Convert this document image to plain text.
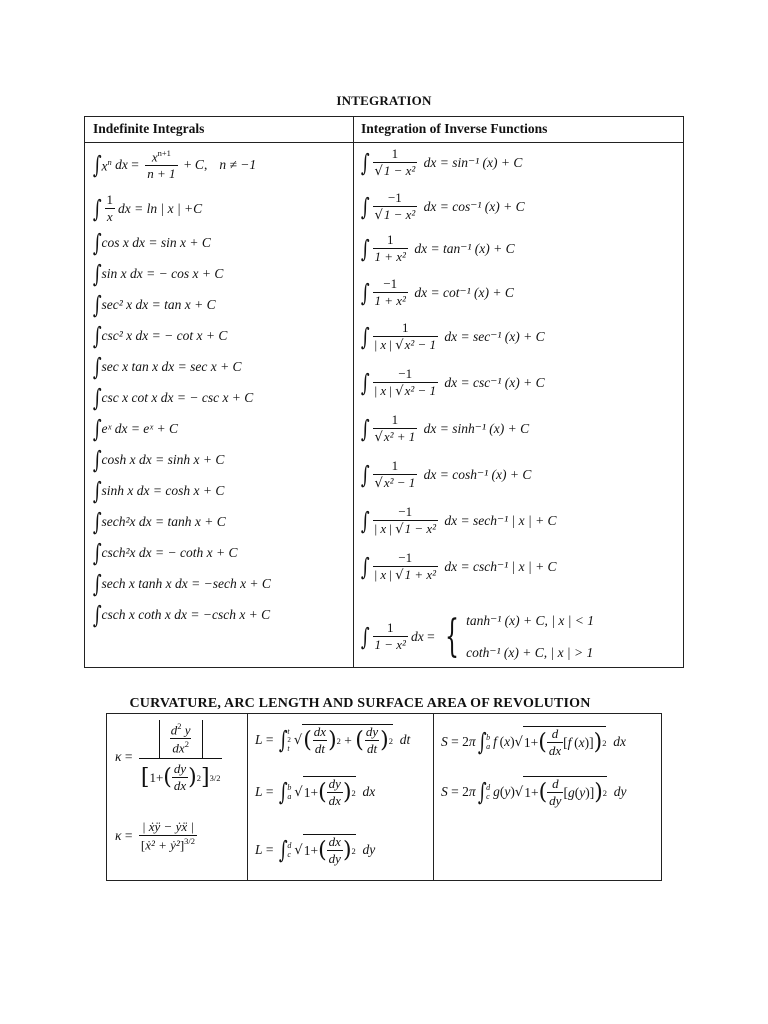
INTEGRATION
Indefinite Integrals	Integration of Inverse Functions
∫ $x^n$
dx = $\frac{x^{n+1}}{n + 1} + C$ , n ≠ −1
∫ $\frac{1}{x}$ dx = ln | x | +C
∫ cos x dx
= sin x + C
∫ sin x dx
= − cos x + C
∫ sec² x dx
= tan x + C
∫ csc² x dx
= − cot x + C
∫ sec x tan x dx
= sec x + C
∫ csc x cot x dx
= − csc x + C
∫ eˣ dx
= eˣ + C
∫ cosh x dx
= sinh x + C
∫ sinh x dx
= cosh x + C
∫ sech²x dx
= tanh x + C
∫ csch²x dx
= − coth x + C
∫ sech x tanh x dx
= −sech x + C
∫ csch x coth x dx
= −csch x + C
∫ $\frac{1}{\text{√1 − x²}}$
dx = sin⁻¹ (x) + C
∫ $\frac{-1}{\text{√1 − x²}}$
dx = cos⁻¹ (x) + C
∫ $\frac{1}{\text{1 + x²}}$
dx = tan⁻¹ (x) + C
∫ $\frac{-1}{\text{1 + x²}}$
dx = cot⁻¹ (x) + C
∫ $\frac{1}{\text{| x | √x² − 1}}$
dx = sec⁻¹ (x) + C
∫ $\frac{-1}{\text{| x | √x² − 1}}$
dx = csc⁻¹ (x) + C
∫ $\frac{1}{\text{√x² + 1}}$
dx = sinh⁻¹ (x) + C
∫ $\frac{1}{\text{√x² − 1}}$
dx = cosh⁻¹ (x) + C
∫ $\frac{-1}{\text{| x | √1 − x²}}$
dx = sech⁻¹ | x | + C
∫ $\frac{-1}{\text{| x | √1 + x²}}$
dx = csch⁻¹ | x | + C
∫ $\frac{1}{\text{1 − x²}}$ dx = { tanh⁻¹ (x) + C, | x | < 1
coth⁻¹ (x) + C, | x | > 1
CURVATURE, ARC LENGTH AND SURFACE AREA OF REVOLUTION
$\kappa = \frac{\frac{d^2 y}{dx^2}}{[ 1+ ( \frac{dy}{dx} ) 2 ] 3/2}$
$\kappa = \frac{\text{| ẋÿ − ẏẍ |}}{[ẋ^2 + ẏ^2]^{3/2}}$
L = ∫ t
2
t
√ ( $\frac{dx}{dt}$ ) 2 + ( $\frac{dy}{dt}$ ) 2
dt
L = ∫ b
a √ 1+ ( $\frac{dy}{dx}$ ) 2
dx
L = ∫ d
c √ 1+ ( $\frac{dx}{dy}$ ) 2
dy
S = 2 π ∫ b
a f  ( x ) √ 1+ ( $\frac{d}{dx}$ [ f  ( x )] ) 2
dx
S = 2 π ∫ d
c g ( y ) √ 1+ ( $\frac{d}{dy}$ [ g ( y )] ) 2
dy
